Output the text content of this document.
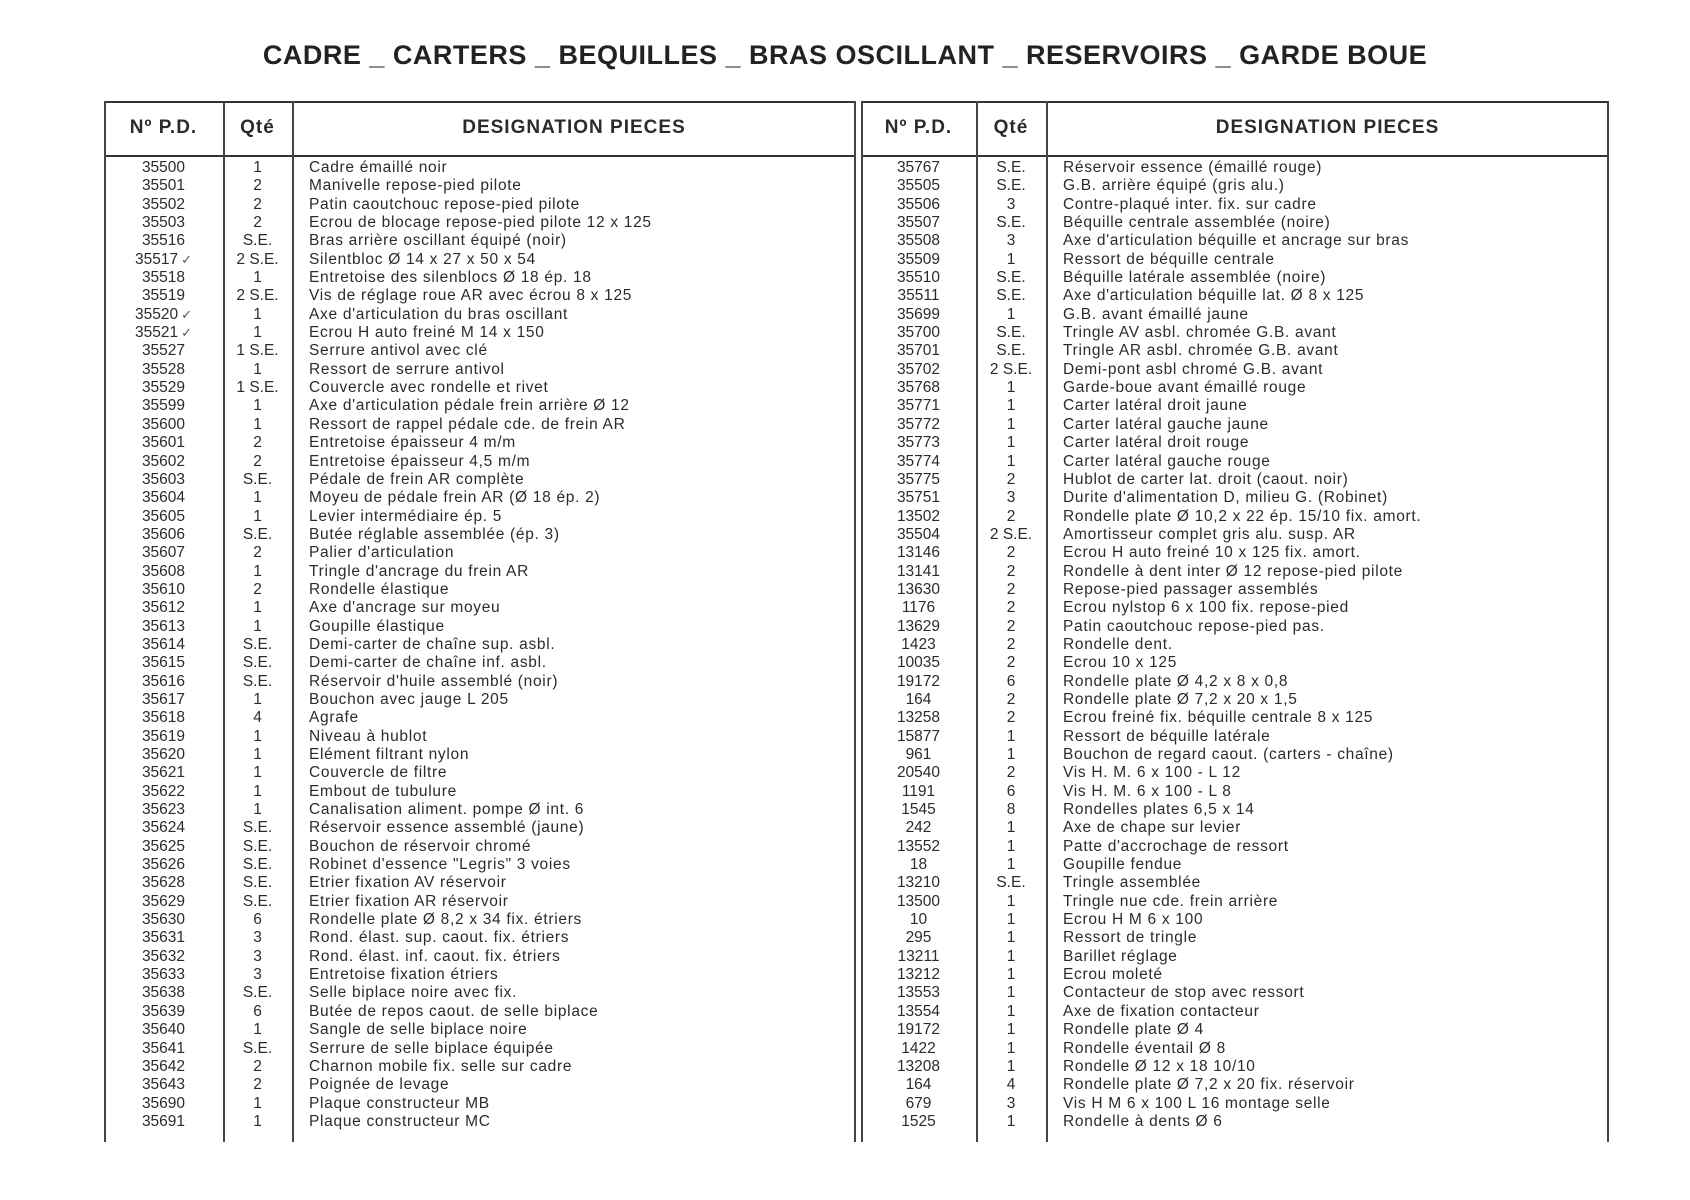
CADRE _ CARTERS _ BEQUILLES _ BRAS OSCILLANT _ RESERVOIRS _ GARDE BOUE
Nº P.D.	Qté	DESIGNATION PIECES
35500	1	Cadre émaillé noir
35501	2	Manivelle repose-pied pilote
35502	2	Patin caoutchouc repose-pied pilote
35503	2	Ecrou de blocage repose-pied pilote 12 x 125
35516	S.E.	Bras arrière oscillant équipé (noir)
35517 ✓	2 S.E.	Silentbloc Ø 14 x 27 x 50 x 54
35518	1	Entretoise des silenblocs Ø 18 ép. 18
35519	2 S.E.	Vis de réglage roue AR avec écrou 8 x 125
35520 ✓	1	Axe d'articulation du bras oscillant
35521 ✓	1	Ecrou H auto freiné M 14 x 150
35527	1 S.E.	Serrure antivol avec clé
35528	1	Ressort de serrure antivol
35529	1 S.E.	Couvercle avec rondelle et rivet
35599	1	Axe d'articulation pédale frein arrière Ø 12
35600	1	Ressort de rappel pédale cde. de frein AR
35601	2	Entretoise épaisseur 4 m/m
35602	2	Entretoise épaisseur 4,5 m/m
35603	S.E.	Pédale de frein AR complète
35604	1	Moyeu de pédale frein AR (Ø 18 ép. 2)
35605	1	Levier intermédiaire ép. 5
35606	S.E.	Butée réglable assemblée (ép. 3)
35607	2	Palier d'articulation
35608	1	Tringle d'ancrage du frein AR
35610	2	Rondelle élastique
35612	1	Axe d'ancrage sur moyeu
35613	1	Goupille élastique
35614	S.E.	Demi-carter de chaîne sup. asbl.
35615	S.E.	Demi-carter de chaîne inf. asbl.
35616	S.E.	Réservoir d'huile assemblé (noir)
35617	1	Bouchon avec jauge L 205
35618	4	Agrafe
35619	1	Niveau à hublot
35620	1	Elément filtrant nylon
35621	1	Couvercle de filtre
35622	1	Embout de tubulure
35623	1	Canalisation aliment. pompe Ø int. 6
35624	S.E.	Réservoir essence assemblé (jaune)
35625	S.E.	Bouchon de réservoir chromé
35626	S.E.	Robinet d'essence "Legris" 3 voies
35628	S.E.	Etrier fixation AV réservoir
35629	S.E.	Etrier fixation AR réservoir
35630	6	Rondelle plate Ø 8,2 x 34 fix. étriers
35631	3	Rond. élast. sup. caout. fix. étriers
35632	3	Rond. élast. inf. caout. fix. étriers
35633	3	Entretoise fixation étriers
35638	S.E.	Selle biplace noire avec fix.
35639	6	Butée de repos caout. de selle biplace
35640	1	Sangle de selle biplace noire
35641	S.E.	Serrure de selle biplace équipée
35642	2	Charnon mobile fix. selle sur cadre
35643	2	Poignée de levage
35690	1	Plaque constructeur MB
35691	1	Plaque constructeur MC
Nº P.D.	Qté	DESIGNATION PIECES
35767	S.E.	Réservoir essence (émaillé rouge)
35505	S.E.	G.B. arrière équipé (gris alu.)
35506	3	Contre-plaqué inter. fix. sur cadre
35507	S.E.	Béquille centrale assemblée (noire)
35508	3	Axe d'articulation béquille et ancrage sur bras
35509	1	Ressort de béquille centrale
35510	S.E.	Béquille latérale assemblée (noire)
35511	S.E.	Axe d'articulation béquille lat. Ø 8 x 125
35699	1	G.B. avant émaillé jaune
35700	S.E.	Tringle AV asbl. chromée G.B. avant
35701	S.E.	Tringle AR asbl. chromée G.B. avant
35702	2 S.E.	Demi-pont asbl chromé G.B. avant
35768	1	Garde-boue avant émaillé rouge
35771	1	Carter latéral droit jaune
35772	1	Carter latéral gauche jaune
35773	1	Carter latéral droit rouge
35774	1	Carter latéral gauche rouge
35775	2	Hublot de carter lat. droit (caout. noir)
35751	3	Durite d'alimentation D, milieu G. (Robinet)
13502	2	Rondelle plate Ø 10,2 x 22 ép. 15/10 fix. amort.
35504	2 S.E.	Amortisseur complet gris alu. susp. AR
13146	2	Ecrou H auto freiné 10 x 125 fix. amort.
13141	2	Rondelle à dent inter Ø 12 repose-pied pilote
13630	2	Repose-pied passager assemblés
1176	2	Ecrou nylstop 6 x 100 fix. repose-pied
13629	2	Patin caoutchouc repose-pied pas.
1423	2	Rondelle dent.
10035	2	Ecrou 10 x 125
19172	6	Rondelle plate Ø 4,2 x 8 x 0,8
164	2	Rondelle plate Ø 7,2 x 20 x 1,5
13258	2	Ecrou freiné fix. béquille centrale 8 x 125
15877	1	Ressort de béquille latérale
961	1	Bouchon de regard caout. (carters - chaîne)
20540	2	Vis H. M. 6 x 100 - L 12
1191	6	Vis H. M. 6 x 100 - L 8
1545	8	Rondelles plates 6,5 x 14
242	1	Axe de chape sur levier
13552	1	Patte d'accrochage de ressort
18	1	Goupille fendue
13210	S.E.	Tringle assemblée
13500	1	Tringle nue cde. frein arrière
10	1	Ecrou H M 6 x 100
295	1	Ressort de tringle
13211	1	Barillet réglage
13212	1	Ecrou moleté
13553	1	Contacteur de stop avec ressort
13554	1	Axe de fixation contacteur
19172	1	Rondelle plate Ø 4
1422	1	Rondelle éventail Ø 8
13208	1	Rondelle Ø 12 x 18 10/10
164	4	Rondelle plate Ø 7,2 x 20 fix. réservoir
679	3	Vis H M 6 x 100 L 16 montage selle
1525	1	Rondelle à dents Ø 6
